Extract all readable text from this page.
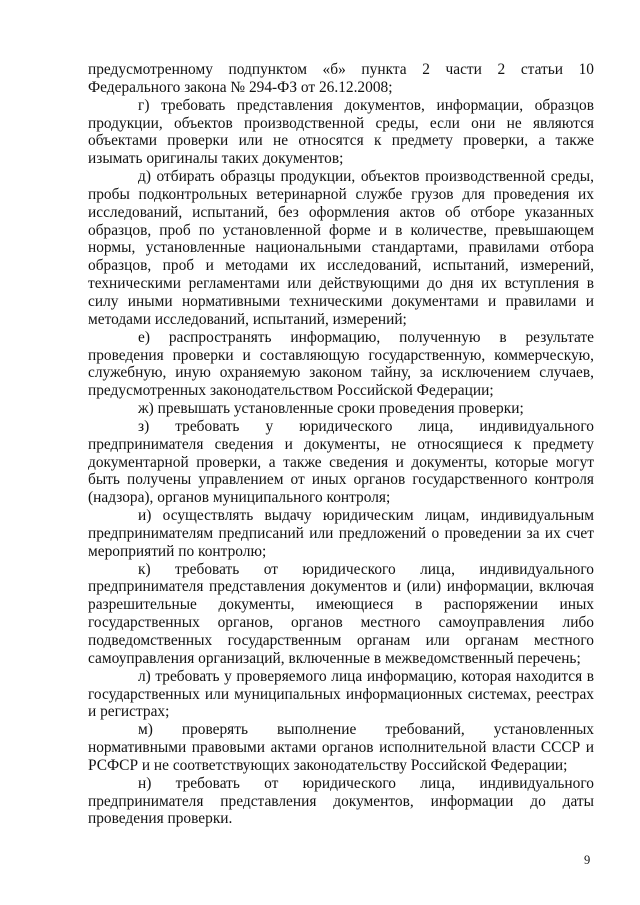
предусмотренному подпунктом «б» пункта 2 части 2 статьи 10 Федерального закона № 294-ФЗ от 26.12.2008;

г) требовать представления документов, информации, образцов продукции, объектов производственной среды, если они не являются объектами проверки или не относятся к предмету проверки, а также изымать оригиналы таких документов;

д) отбирать образцы продукции, объектов производственной среды, пробы подконтрольных ветеринарной службе грузов для проведения их исследований, испытаний, без оформления актов об отборе указанных образцов, проб по установленной форме и в количестве, превышающем нормы, установленные национальными стандартами, правилами отбора образцов, проб и методами их исследований, испытаний, измерений, техническими регламентами или действующими до дня их вступления в силу иными нормативными техническими документами и правилами и методами исследований, испытаний, измерений;

е) распространять информацию, полученную в результате проведения проверки и составляющую государственную, коммерческую, служебную, иную охраняемую законом тайну, за исключением случаев, предусмотренных законодательством Российской Федерации;

ж) превышать установленные сроки проведения проверки;

з) требовать у юридического лица, индивидуального предпринимателя сведения и документы, не относящиеся к предмету документарной проверки, а также сведения и документы, которые могут быть получены управлением от иных органов государственного контроля (надзора), органов муниципального контроля;

и) осуществлять выдачу юридическим лицам, индивидуальным предпринимателям предписаний или предложений о проведении за их счет мероприятий по контролю;

к) требовать от юридического лица, индивидуального предпринимателя представления документов и (или) информации, включая разрешительные документы, имеющиеся в распоряжении иных государственных органов, органов местного самоуправления либо подведомственных государственным органам или органам местного самоуправления организаций, включенные в межведомственный перечень;

л) требовать у проверяемого лица информацию, которая находится в государственных или муниципальных информационных системах, реестрах и регистрах;

м) проверять выполнение требований, установленных нормативными правовыми актами органов исполнительной власти СССР и РСФСР и не соответствующих законодательству Российской Федерации;

н) требовать от юридического лица, индивидуального предпринимателя представления документов, информации до даты проведения проверки.

9
